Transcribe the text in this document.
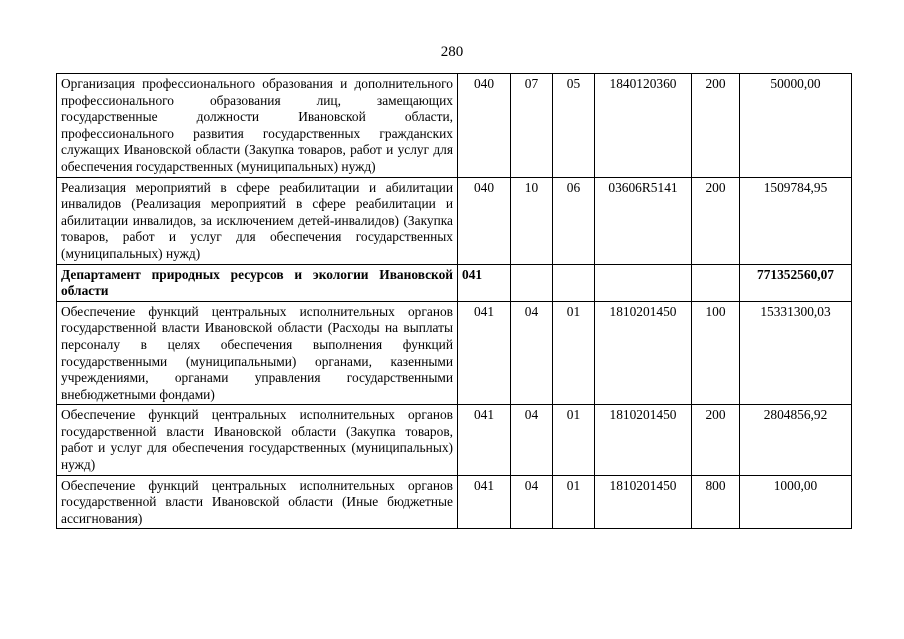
280
Организация профессионального образования и дополнительного профессионального образования лиц, замещающих государственные должности Ивановской области, профессионального развития государственных гражданских служащих Ивановской области (Закупка товаров, работ и услуг для обеспечения государственных (муниципальных) нужд)	040	07	05	1840120360	200	50000,00
Реализация мероприятий в сфере реабилитации и абилитации инвалидов (Реализация мероприятий в сфере реабилитации и абилитации инвалидов, за исключением детей-инвалидов) (Закупка товаров, работ и услуг для обеспечения государственных (муниципальных) нужд)	040	10	06	03606R5141	200	1509784,95
Департамент природных ресурсов и экологии Ивановской области	041					771352560,07
Обеспечение функций центральных исполнительных органов государственной власти Ивановской области (Расходы на выплаты персоналу в целях обеспечения выполнения функций государственными (муниципальными) органами, казенными учреждениями, органами управления государственными внебюджетными фондами)	041	04	01	1810201450	100	15331300,03
Обеспечение функций центральных исполнительных органов государственной власти Ивановской области (Закупка товаров, работ и услуг для обеспечения государственных (муниципальных) нужд)	041	04	01	1810201450	200	2804856,92
Обеспечение функций центральных исполнительных органов государственной власти Ивановской области (Иные бюджетные ассигнования)	041	04	01	1810201450	800	1000,00
